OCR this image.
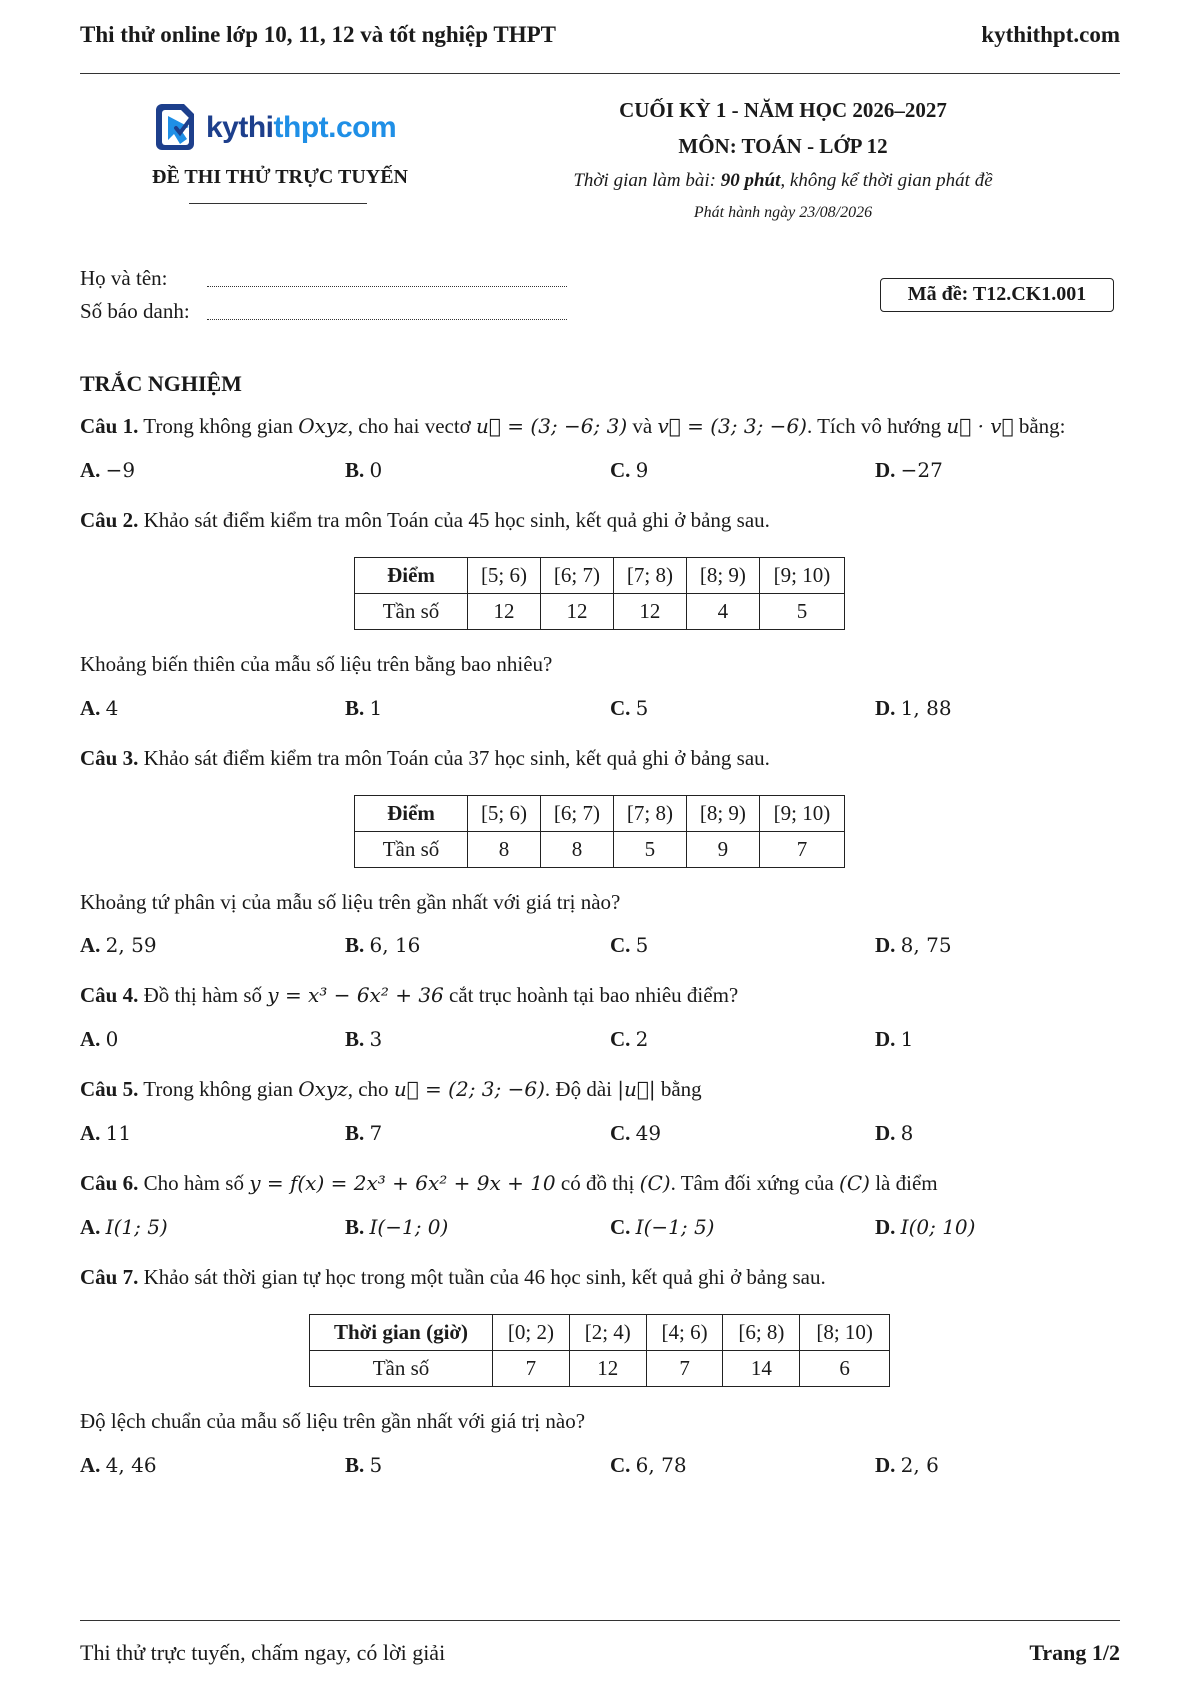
Thi thử online lớp 10, 11, 12 và tốt nghiệp THPT	kythithpt.com
kythithpt.com
ĐỀ THI THỬ TRỰC TUYẾN
CUỐI KỲ 1 - NĂM HỌC 2026–2027
MÔN: TOÁN - LỚP 12
Thời gian làm bài: 90 phút, không kể thời gian phát đề
Phát hành ngày 23/08/2026
Họ và tên:
Số báo danh:
Mã đề: T12.CK1.001
TRẮC NGHIỆM
Câu 1. Trong không gian Oxyz, cho hai vectơ u⃗ = (3; −6; 3) và v⃗ = (3; 3; −6). Tích vô hướng u⃗ · v⃗ bằng:
A. −9	B. 0	C. 9	D. −27
Câu 2. Khảo sát điểm kiểm tra môn Toán của 45 học sinh, kết quả ghi ở bảng sau.
Điểm	[5; 6)	[6; 7)	[7; 8)	[8; 9)	[9; 10)
Tần số	12	12	12	4	5
Khoảng biến thiên của mẫu số liệu trên bằng bao nhiêu?
A. 4	B. 1	C. 5	D. 1, 88
Câu 3. Khảo sát điểm kiểm tra môn Toán của 37 học sinh, kết quả ghi ở bảng sau.
Điểm	[5; 6)	[6; 7)	[7; 8)	[8; 9)	[9; 10)
Tần số	8	8	5	9	7
Khoảng tứ phân vị của mẫu số liệu trên gần nhất với giá trị nào?
A. 2, 59	B. 6, 16	C. 5	D. 8, 75
Câu 4. Đồ thị hàm số y = x³ − 6x² + 36 cắt trục hoành tại bao nhiêu điểm?
A. 0	B. 3	C. 2	D. 1
Câu 5. Trong không gian Oxyz, cho u⃗ = (2; 3; −6). Độ dài |u⃗| bằng
A. 11	B. 7	C. 49	D. 8
Câu 6. Cho hàm số y = f(x) = 2x³ + 6x² + 9x + 10 có đồ thị (C). Tâm đối xứng của (C) là điểm
A. I(1; 5)	B. I(−1; 0)	C. I(−1; 5)	D. I(0; 10)
Câu 7. Khảo sát thời gian tự học trong một tuần của 46 học sinh, kết quả ghi ở bảng sau.
Thời gian (giờ)	[0; 2)	[2; 4)	[4; 6)	[6; 8)	[8; 10)
Tần số	7	12	7	14	6
Độ lệch chuẩn của mẫu số liệu trên gần nhất với giá trị nào?
A. 4, 46	B. 5	C. 6, 78	D. 2, 6
Thi thử trực tuyến, chấm ngay, có lời giải	Trang 1/2
